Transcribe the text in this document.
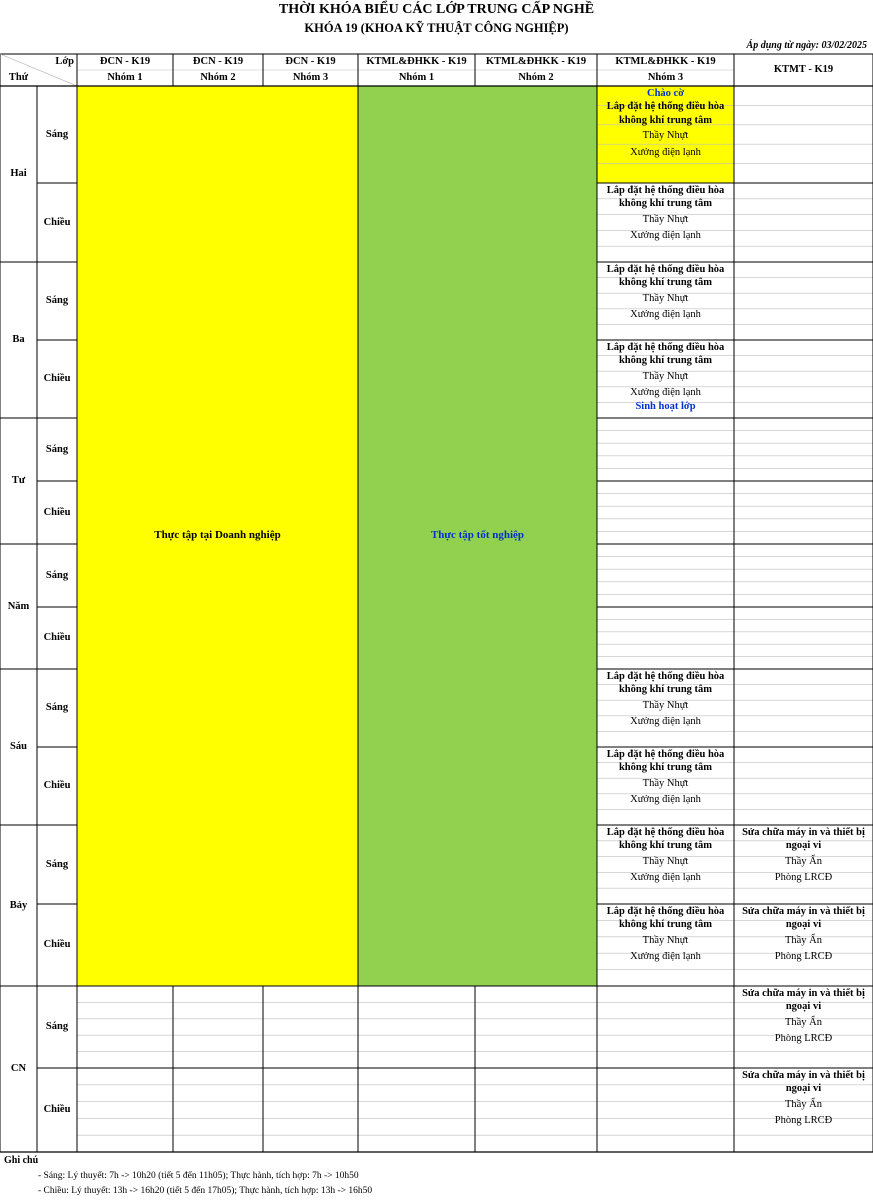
THỜI KHÓA BIỂU CÁC LỚP TRUNG CẤP NGHỀ
KHÓA 19 (KHOA KỸ THUẬT CÔNG NGHIỆP)
Áp dụng từ ngày: 03/02/2025
Lớp
Thứ
ĐCN - K19
Nhóm 1
ĐCN - K19
Nhóm 2
ĐCN - K19
Nhóm 3
KTML&ĐHKK - K19
Nhóm 1
KTML&ĐHKK - K19
Nhóm 2
KTML&ĐHKK - K19
Nhóm 3
KTMT - K19
Hai
Sáng
Chiều
Ba
Sáng
Chiều
Tư
Sáng
Chiều
Năm
Sáng
Chiều
Sáu
Sáng
Chiều
Bảy
Sáng
Chiều
CN
Sáng
Chiều
Thực tập tại Doanh nghiệp	Thực tập tốt nghiệp
Chào cờ
Lắp đặt hệ thống điều hòa không khí trung tâm
Thầy Nhựt
Xưởng điện lạnh
Lắp đặt hệ thống điều hòa không khí trung tâm
Thầy Nhựt
Xưởng điện lạnh
Lắp đặt hệ thống điều hòa không khí trung tâm
Thầy Nhựt
Xưởng điện lạnh
Lắp đặt hệ thống điều hòa không khí trung tâm
Thầy Nhựt
Xưởng điện lạnh
Sinh hoạt lớp
Lắp đặt hệ thống điều hòa không khí trung tâm
Thầy Nhựt
Xưởng điện lạnh
Lắp đặt hệ thống điều hòa không khí trung tâm
Thầy Nhựt
Xưởng điện lạnh
Lắp đặt hệ thống điều hòa không khí trung tâm
Thầy Nhựt
Xưởng điện lạnh
Lắp đặt hệ thống điều hòa không khí trung tâm
Thầy Nhựt
Xưởng điện lạnh
Sửa chữa máy in và thiết bị ngoại vi
Thầy Ẩn
Phòng LRCĐ
Sửa chữa máy in và thiết bị ngoại vi
Thầy Ẩn
Phòng LRCĐ
Sửa chữa máy in và thiết bị ngoại vi
Thầy Ẩn
Phòng LRCĐ
Sửa chữa máy in và thiết bị ngoại vi
Thầy Ẩn
Phòng LRCĐ
Ghi chú
- Sáng: Lý thuyết: 7h -> 10h20 (tiết 5 đến 11h05); Thực hành, tích hợp: 7h -> 10h50
- Chiều: Lý thuyết: 13h -> 16h20 (tiết 5 đến 17h05); Thực hành, tích hợp: 13h -> 16h50
